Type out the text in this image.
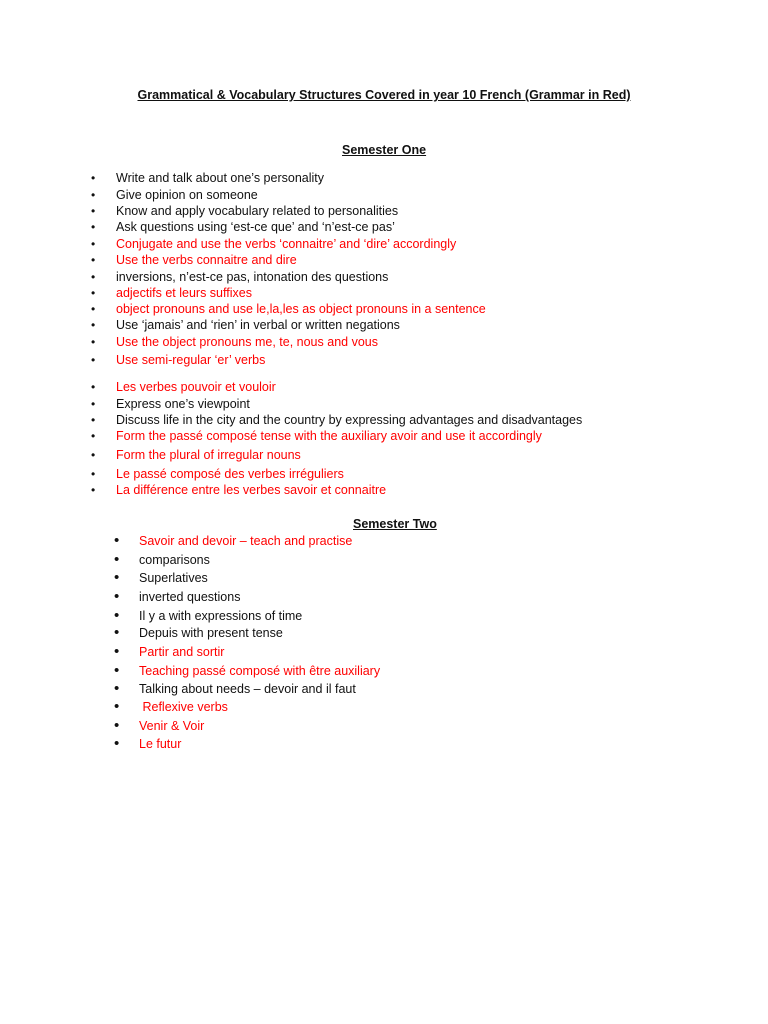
Grammatical & Vocabulary Structures Covered in year 10 French (Grammar in Red)
Semester One
• Write and talk about one’s personality
• Give opinion on someone
• Know and apply vocabulary related to personalities
• Ask questions using ‘est-ce que’ and ‘n’est-ce pas’
• Conjugate and use the verbs ‘connaitre’ and ‘dire’ accordingly
• Use the verbs connaitre and dire
• inversions, n’est-ce pas, intonation des questions
• adjectifs et leurs suffixes
• object pronouns and use le,la,les as object pronouns in a sentence
• Use ‘jamais’ and ‘rien’ in verbal or written negations
• Use the object pronouns me, te, nous and vous
• Use semi-regular ‘er’ verbs
• Les verbes pouvoir et vouloir
• Express one’s viewpoint
• Discuss life in the city and the country by expressing advantages and disadvantages
• Form the passé composé tense with the auxiliary avoir and use it accordingly
• Form the plural of irregular nouns
• Le passé composé des verbes irréguliers
• La différence entre les verbes savoir et connaitre
Semester Two
• Savoir and devoir – teach and practise
• comparisons
• Superlatives
• inverted questions
• Il y a with expressions of time
• Depuis with present tense
• Partir and sortir
• Teaching passé composé with être auxiliary
• Talking about needs – devoir and il faut
• Reflexive verbs
• Venir & Voir
• Le futur
